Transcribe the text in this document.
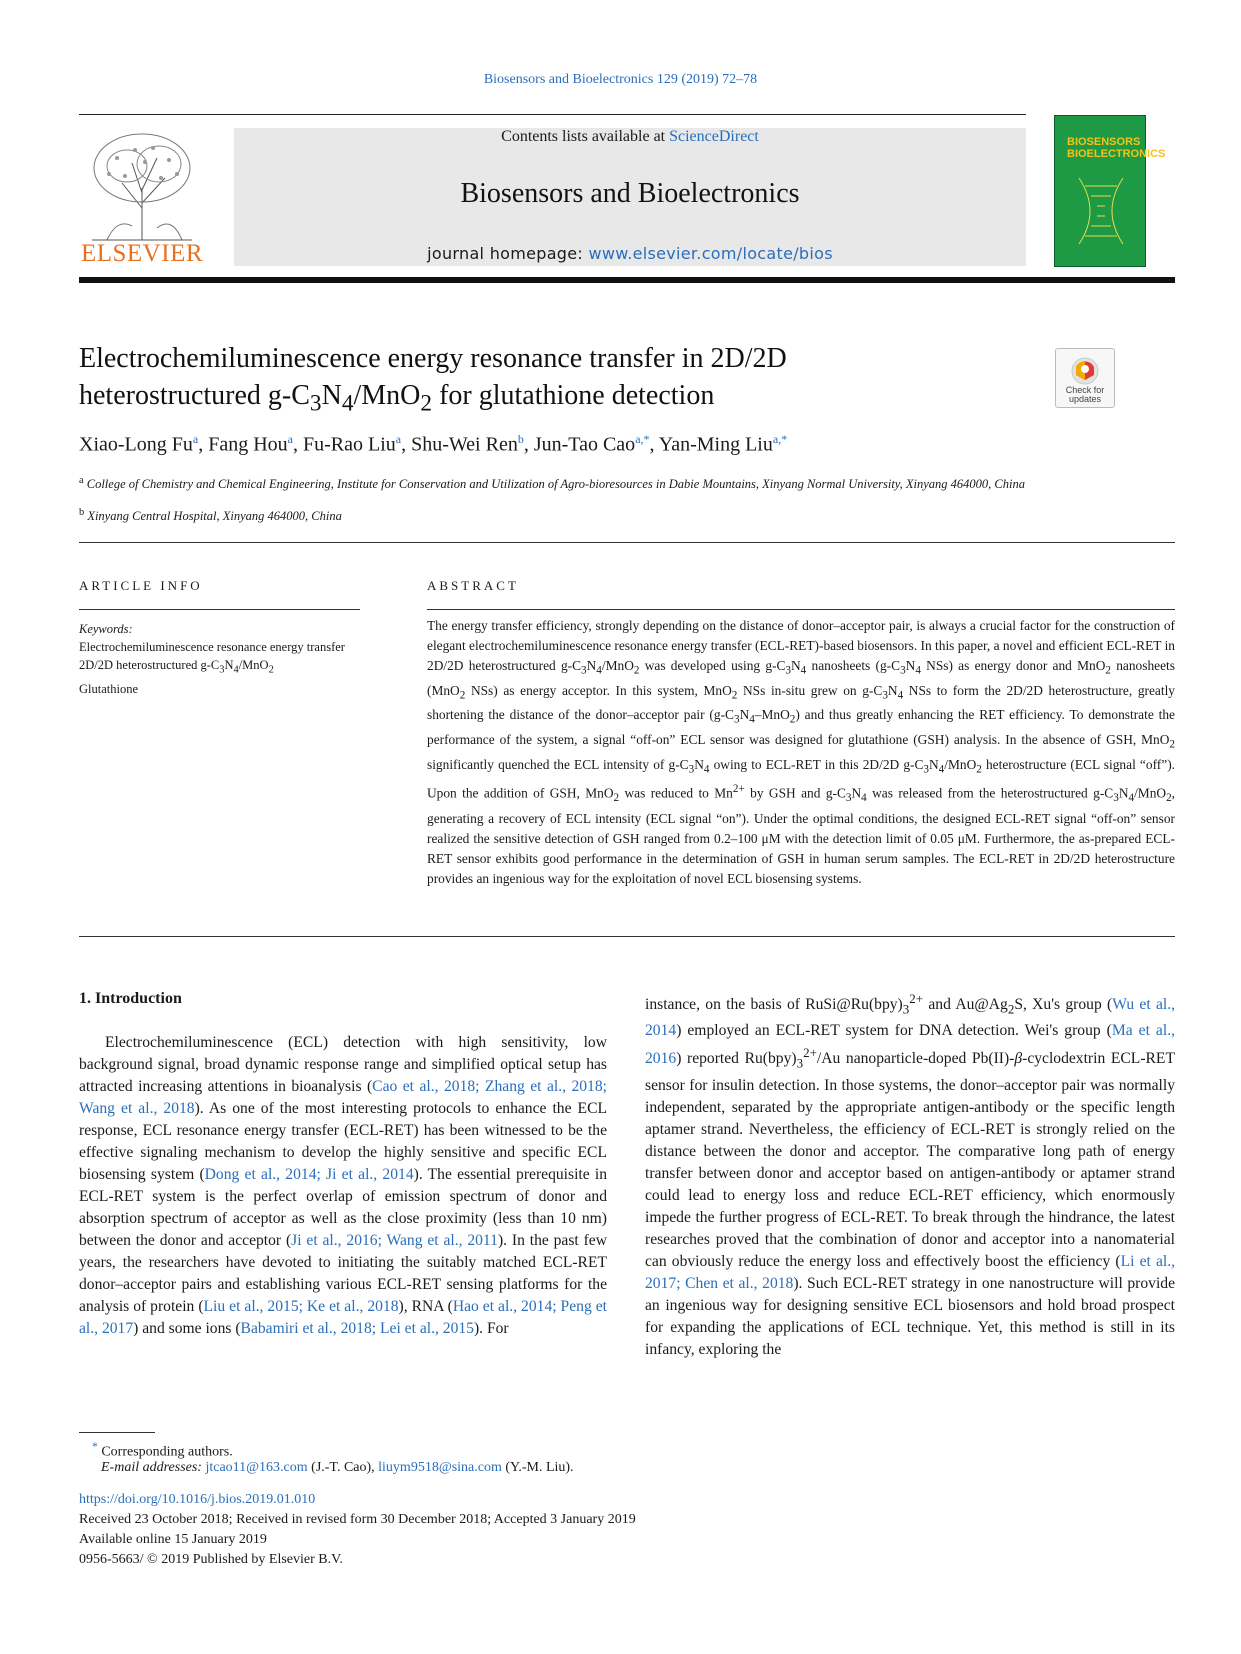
Biosensors and Bioelectronics 129 (2019) 72–78
ELSEVIER
Contents lists available at ScienceDirect
Biosensors and Bioelectronics
journal homepage: www.elsevier.com/locate/bios
BIOSENSORS
BIOELECTRONICS
Electrochemiluminescence energy resonance transfer in 2D/2D
heterostructured $g-C_3N_4/MnO_2$ for glutathione detection	Check for
updates
Xiao-Long Fu$^a$, Fang Hou$^a$, Fu-Rao Liu$^a$, Shu-Wei Ren$^b$, Jun-Tao Cao$^{a,*}$, Yan-Ming Liu$^{a,*}$
$^a$ College of Chemistry and Chemical Engineering, Institute for Conservation and Utilization of Agro-bioresources in Dabie Mountains, Xinyang Normal University, Xinyang 464000, China
$^b$ Xinyang Central Hospital, Xinyang 464000, China
ARTICLE INFO	ABSTRACT
Keywords:
Electrochemiluminescence resonance energy transfer
2D/2D heterostructured $g-C_3N_4/MnO_2$
Glutathione
The energy transfer efficiency, strongly depending on the distance of donor–acceptor pair, is always a crucial factor for the construction of elegant electrochemiluminescence resonance energy transfer (ECL-RET)-based biosensors. In this paper, a novel and efficient ECL-RET in 2D/2D heterostructured $g-C_3N_4/MnO_2$ was developed using $g-C_3N_4$ nanosheets ($g-C_3N_4$ NSs) as energy donor and MnO$_2$ nanosheets (MnO$_2$ NSs) as energy acceptor. In this system, MnO$_2$ NSs in-situ grew on $g-C_3N_4$ NSs to form the 2D/2D heterostructure, greatly shortening the distance of the donor–acceptor pair $(g-C_3N_4-MnO_2)$ and thus greatly enhancing the RET efficiency. To demonstrate the performance of the system, a signal “off-on” ECL sensor was designed for glutathione (GSH) analysis. In the absence of GSH, MnO$_2$ significantly quenched the ECL intensity of $g-C_3N_4$ owing to ECL-RET in this 2D/2D $g-C_3N_4/MnO_2$ heterostructure (ECL signal “off”). Upon the addition of GSH, MnO$_2$ was reduced to $Mn^{2+}$ by GSH and $g-C_3N_4$ was released from the heterostructured $g-C_3N_4/MnO_2$, generating a recovery of ECL intensity (ECL signal “on”). Under the optimal conditions, the designed ECL-RET signal “off-on” sensor realized the sensitive detection of GSH ranged from 0.2–100 μM with the detection limit of 0.05 μM. Furthermore, the as-prepared ECL-RET sensor exhibits good performance in the determination of GSH in human serum samples. The ECL-RET in 2D/2D heterostructure provides an ingenious way for the exploitation of novel ECL biosensing systems.
1. Introduction
Electrochemiluminescence (ECL) detection with high sensitivity, low background signal, broad dynamic response range and simplified optical setup has attracted increasing attentions in bioanalysis (Cao et al., 2018; Zhang et al., 2018; Wang et al., 2018). As one of the most interesting protocols to enhance the ECL response, ECL resonance energy transfer (ECL-RET) has been witnessed to be the effective signaling mechanism to develop the highly sensitive and specific ECL biosensing system (Dong et al., 2014; Ji et al., 2014). The essential prerequisite in ECL-RET system is the perfect overlap of emission spectrum of donor and absorption spectrum of acceptor as well as the close proximity (less than 10 nm) between the donor and acceptor (Ji et al., 2016; Wang et al., 2011). In the past few years, the researchers have devoted to initiating the suitably matched ECL-RET donor–acceptor pairs and establishing various ECL-RET sensing platforms for the analysis of protein (Liu et al., 2015; Ke et al., 2018), RNA (Hao et al., 2014; Peng et al., 2017) and some ions (Babamiri et al., 2018; Lei et al., 2015). For
instance, on the basis of $RuSi@Ru(bpy)_3^{2+}$ and $Au@Ag_2S$, Xu's group (Wu et al., 2014) employed an ECL-RET system for DNA detection. Wei's group (Ma et al., 2016) reported $Ru(bpy)_3^{2+}/Au$ nanoparticle-doped Pb(II)-β-cyclodextrin ECL-RET sensor for insulin detection. In those systems, the donor–acceptor pair was normally independent, separated by the appropriate antigen-antibody or the specific length aptamer strand. Nevertheless, the efficiency of ECL-RET is strongly relied on the distance between the donor and acceptor. The comparative long path of energy transfer between donor and acceptor based on antigen-antibody or aptamer strand could lead to energy loss and reduce ECL-RET efficiency, which enormously impede the further progress of ECL-RET. To break through the hindrance, the latest researches proved that the combination of donor and acceptor into a nanomaterial can obviously reduce the energy loss and effectively boost the efficiency (Li et al., 2017; Chen et al., 2018). Such ECL-RET strategy in one nanostructure will provide an ingenious way for designing sensitive ECL biosensors and hold broad prospect for expanding the applications of ECL technique. Yet, this method is still in its infancy, exploring the
* Corresponding authors.
E-mail addresses: jtcao11@163.com (J.-T. Cao), liuym9518@sina.com (Y.-M. Liu).
https://doi.org/10.1016/j.bios.2019.01.010
Received 23 October 2018; Received in revised form 30 December 2018; Accepted 3 January 2019
Available online 15 January 2019
0956-5663/ © 2019 Published by Elsevier B.V.
